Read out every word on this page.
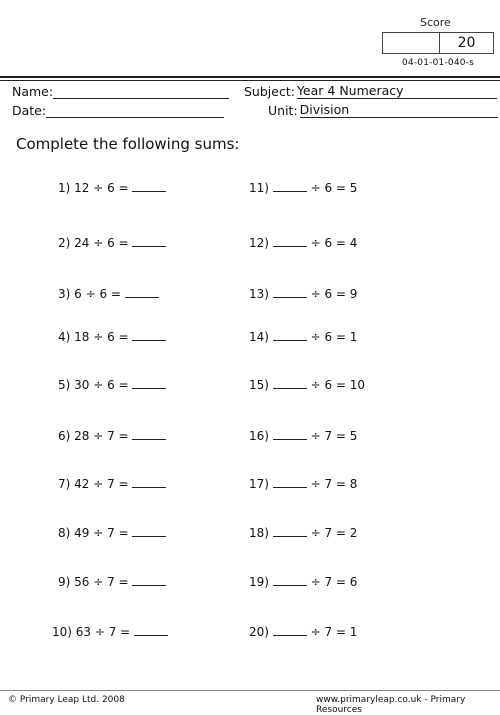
Score
20
04-01-01-040-s
Name:
Date:
Subject: Year 4 Numeracy
Unit: Division
Complete the following sums:
1) 12 ÷ 6 =
2) 24 ÷ 6 =
3) 6 ÷ 6 =
4) 18 ÷ 6 =
5) 30 ÷ 6 =
6) 28 ÷ 7 =
7) 42 ÷ 7 =
8) 49 ÷ 7 =
9) 56 ÷ 7 =
10) 63 ÷ 7 =
11)	÷ 6 = 5
12)	÷ 6 = 4
13)	÷ 6 = 9
14)	÷ 6 = 1
15)	÷ 6 = 10
16)	÷ 7 = 5
17)	÷ 7 = 8
18)	÷ 7 = 2
19)	÷ 7 = 6
20)	÷ 7 = 1
© Primary Leap Ltd. 2008	www.primaryleap.co.uk - Primary Resources
